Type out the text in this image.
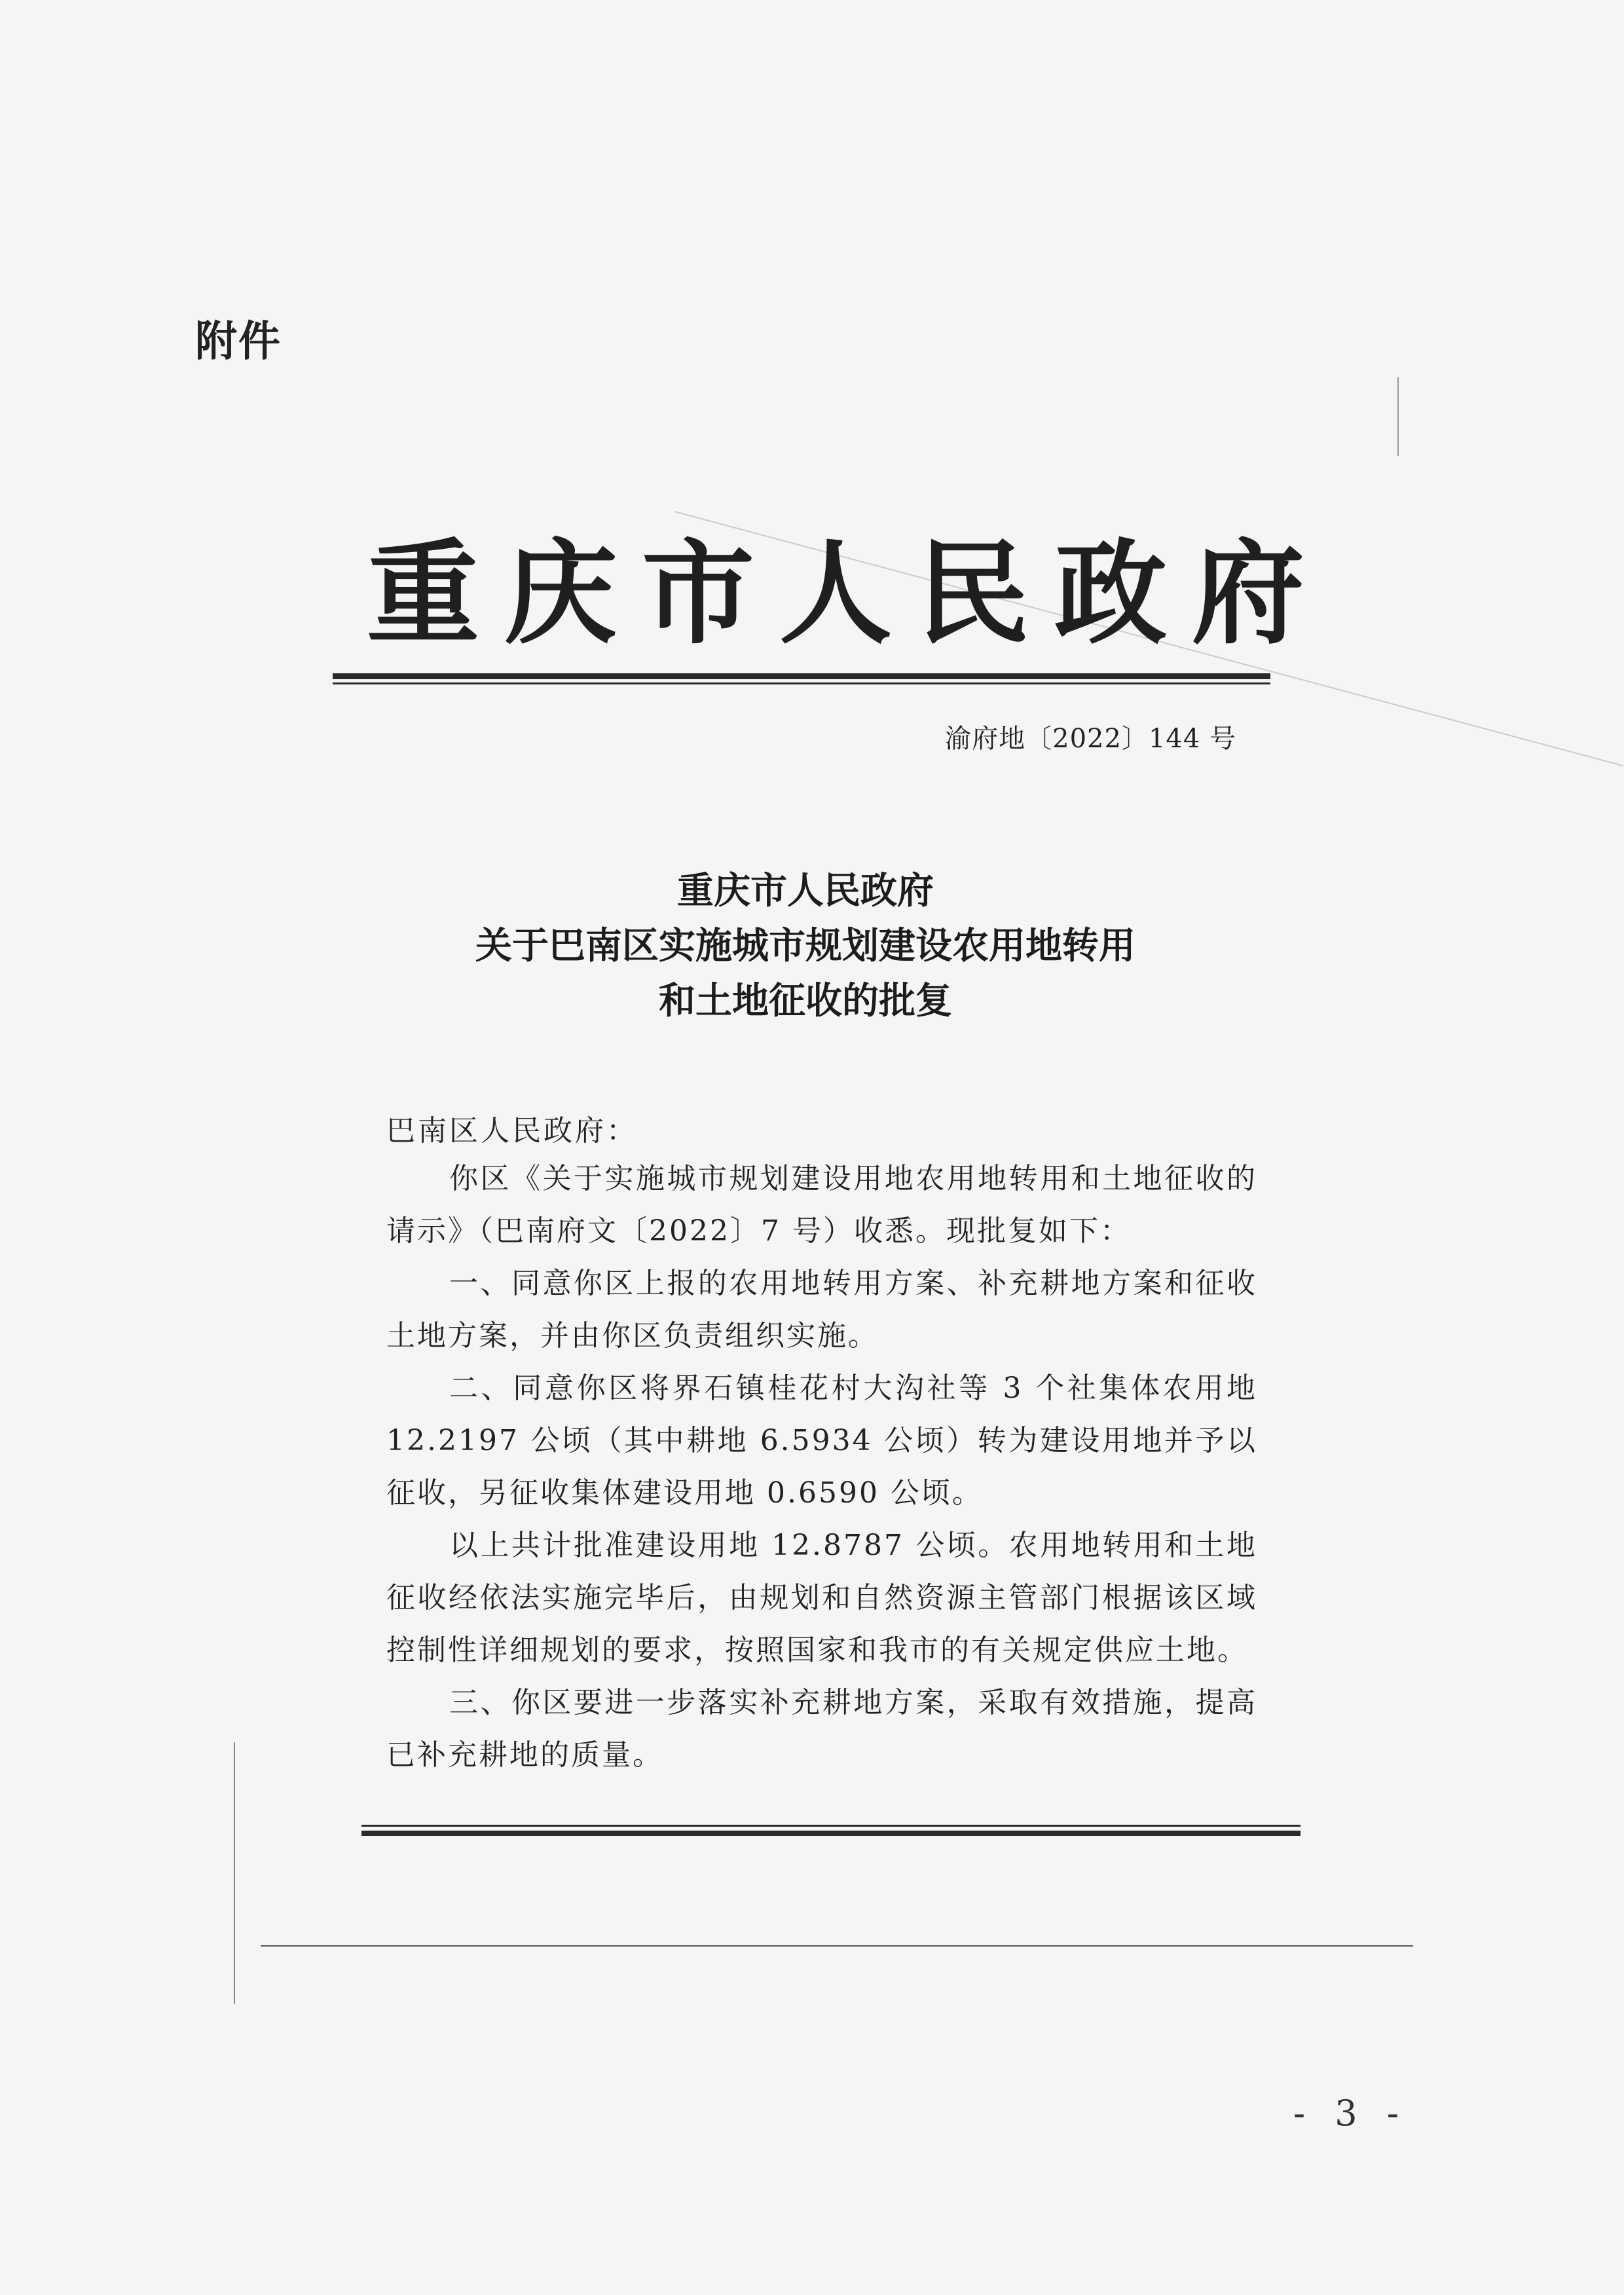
附件
重庆市人民政府
渝府地〔2022〕144 号
重庆市人民政府
关于巴南区实施城市规划建设农用地转用
和土地征收的批复
巴南区人民政府：

你区《关于实施城市规划建设用地农用地转用和土地征收的请示》（巴南府文〔2022〕7 号）收悉。现批复如下：

一、同意你区上报的农用地转用方案、补充耕地方案和征收土地方案，并由你区负责组织实施。

二、同意你区将界石镇桂花村大沟社等 3 个社集体农用地 12.2197 公顷（其中耕地 6.5934 公顷）转为建设用地并予以征收，另征收集体建设用地 0.6590 公顷。

以上共计批准建设用地 12.8787 公顷。农用地转用和土地征收经依法实施完毕后，由规划和自然资源主管部门根据该区域控制性详细规划的要求，按照国家和我市的有关规定供应土地。

三、你区要进一步落实补充耕地方案，采取有效措施，提高已补充耕地的质量。

- 3 -
